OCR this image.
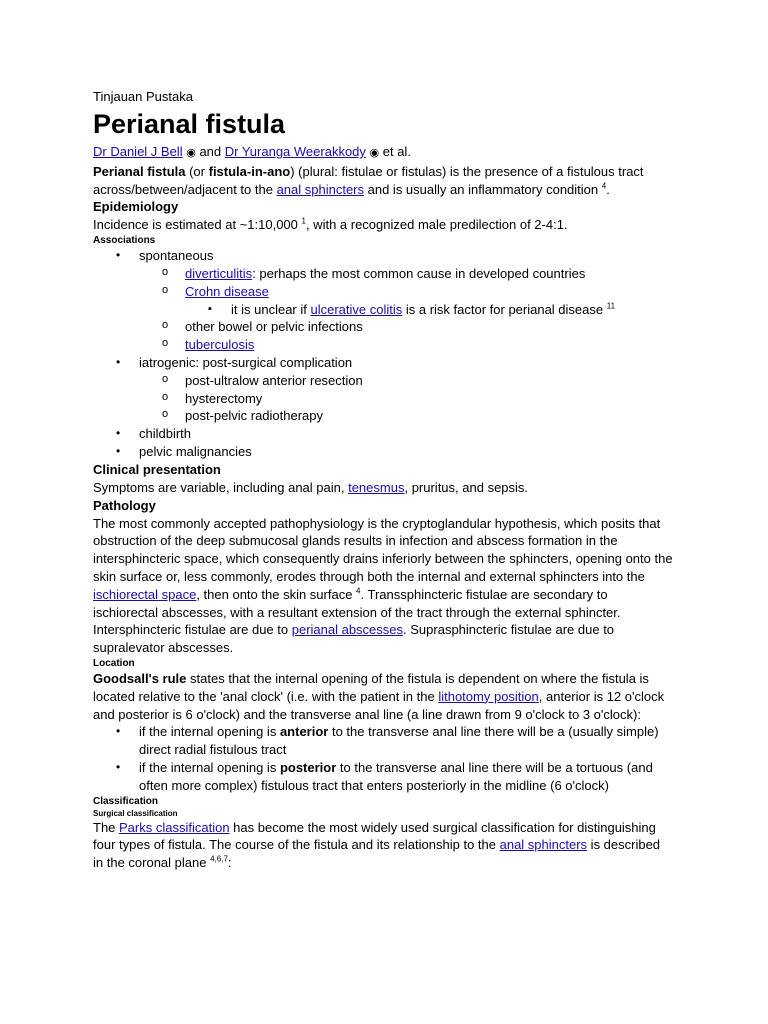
Tinjauan Pustaka

Perianal fistula

Dr Daniel J Bell ◉ and Dr Yuranga Weerakkody ◉ et al.

Perianal fistula (or fistula-in-ano) (plural: fistulae or fistulas) is the presence of a fistulous tract across/between/adjacent to the anal sphincters and is usually an inflammatory condition $^4$.

Epidemiology

Incidence is estimated at ~1:10,000 $^1$, with a recognized male predilection of 2-4:1.

Associations
• spontaneous
o diverticulitis: perhaps the most common cause in developed countries
o Crohn disease
▪ it is unclear if ulcerative colitis is a risk factor for perianal disease $^{11}$
o other bowel or pelvic infections
o tuberculosis
• iatrogenic: post-surgical complication
o post-ultralow anterior resection
o hysterectomy
o post-pelvic radiotherapy
• childbirth
• pelvic malignancies
Clinical presentation

Symptoms are variable, including anal pain, tenesmus, pruritus, and sepsis.

Pathology

The most commonly accepted pathophysiology is the cryptoglandular hypothesis, which posits that obstruction of the deep submucosal glands results in infection and abscess formation in the intersphincteric space, which consequently drains inferiorly between the sphincters, opening onto the skin surface or, less commonly, erodes through both the internal and external sphincters into the ischiorectal space, then onto the skin surface $^4$. Transsphincteric fistulae are secondary to ischiorectal abscesses, with a resultant extension of the tract through the external sphincter. Intersphincteric fistulae are due to perianal abscesses. Suprasphincteric fistulae are due to supralevator abscesses.

Location

Goodsall's rule states that the internal opening of the fistula is dependent on where the fistula is located relative to the 'anal clock' (i.e. with the patient in the lithotomy position, anterior is 12 o'clock and posterior is 6 o'clock) and the transverse anal line (a line drawn from 9 o'clock to 3 o'clock):

• if the internal opening is anterior to the transverse anal line there will be a (usually simple) direct radial fistulous tract
• if the internal opening is posterior to the transverse anal line there will be a tortuous (and often more complex) fistulous tract that enters posteriorly in the midline (6 o'clock)
Classification
Surgical classification

The Parks classification has become the most widely used surgical classification for distinguishing four types of fistula. The course of the fistula and its relationship to the anal sphincters is described in the coronal plane $^{4,6,7}$:
